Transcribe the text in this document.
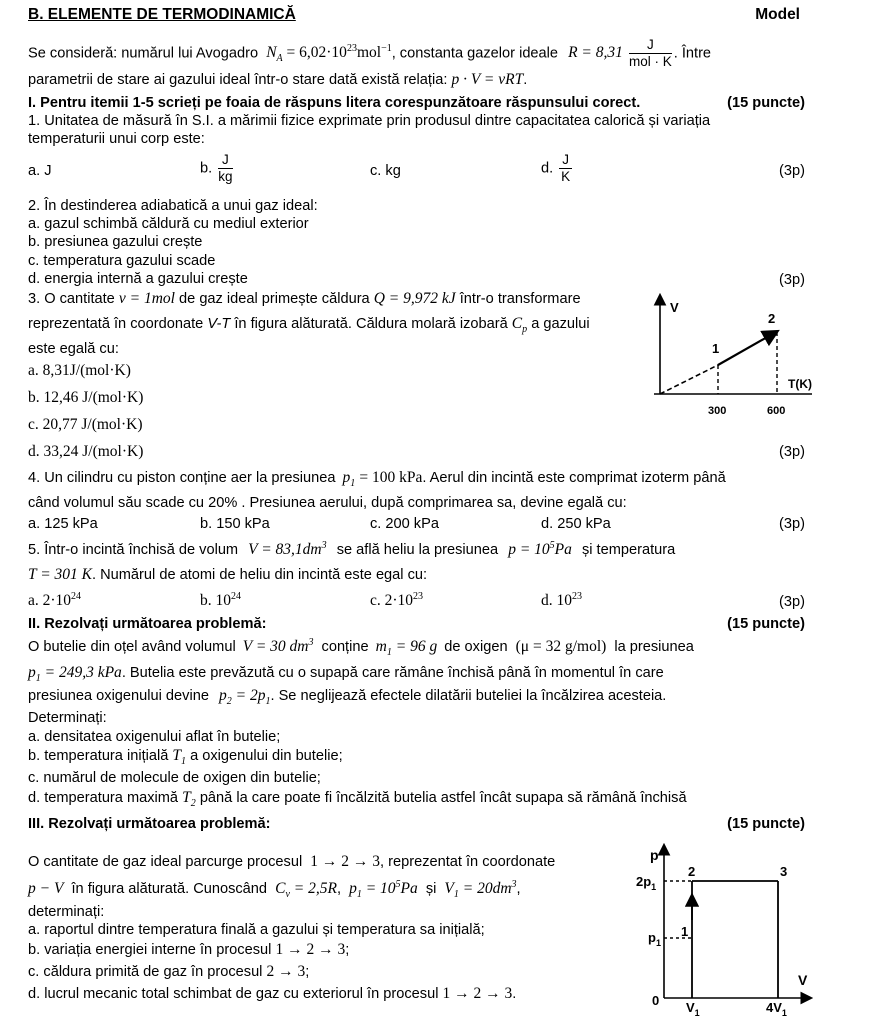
B. ELEMENTE DE TERMODINAMICĂ	Model
Se consideră: numărul lui Avogadro $N_A = 6,02\cdot 10^{23}mol^{-1}$, constanta gazelor ideale $R = 8,31 \frac{J}{\text{mol · K}}$ . Între
parametrii de stare ai gazului ideal într-o stare dată există relația: p · V = νRT.
I. Pentru itemii 1-5 scrieți pe foaia de răspuns litera corespunzătoare răspunsului corect.	(15 puncte)
1. Unitatea de măsură în S.I. a mărimii fizice exprimate prin produsul dintre capacitatea calorică și variația
temperaturii unui corp este:
a. J	b. $\frac{J}{kg}$	c. kg	d. $\frac{J}{K}$	(3p)
2. În destinderea adiabatică a unui gaz ideal:
a. gazul schimbă căldură cu mediul exterior
b. presiunea gazului crește
c. temperatura gazului scade
d. energia internă a gazului crește	(3p)
3. O cantitate ν = 1mol de gaz ideal primește căldura Q = 9,972 kJ într-o transformare
reprezentată în coordonate V-T în figura alăturată. Căldura molară izobară $C_p$ a gazului
este egală cu:
a. 8,31J/(mol·K)
b. 12,46 J/(mol·K)
c. 20,77 J/(mol·K)
d. 33,24 J/(mol·K)	(3p)
V
T(K)
1
2
300	600
4. Un cilindru cu piston conține aer la presiunea $p_1 = 100$ kPa. Aerul din incintă este comprimat izoterm până
când volumul său scade cu 20% . Presiunea aerului, după comprimarea sa, devine egală cu:
a. 125 kPa	b. 150 kPa	c. 200 kPa	d. 250 kPa	(3p)
5. Într-o incintă închisă de volum $V = 83,1dm^3$ se află heliu la presiunea $p = 10^5Pa$ și temperatura
T = 301 K. Numărul de atomi de heliu din incintă este egal cu:
a. $2\cdot 10^{24}$	b. $10^{24}$	c. $2\cdot 10^{23}$	d. $10^{23}$	(3p)
II. Rezolvați următoarea problemă:	(15 puncte)
O butelie din oțel având volumul V = 30 $dm^3$ conține $m_1 = 96$ g de oxigen (μ = 32 g/mol) la presiunea
$p_1 = 249,3$ kPa. Butelia este prevăzută cu o supapă care rămâne închisă până în momentul în care
presiunea oxigenului devine $p_2 = 2p_1$. Se neglijează efectele dilatării buteliei la încălzirea acesteia.
Determinați:
a. densitatea oxigenului aflat în butelie;
b. temperatura inițială $T_1$ a oxigenului din butelie;
c. numărul de molecule de oxigen din butelie;
d. temperatura maximă $T_2$ până la care poate fi încălzită butelia astfel încât supapa să rămână închisă
III. Rezolvați următoarea problemă:	(15 puncte)
O cantitate de gaz ideal parcurge procesul 1 → 2 → 3, reprezentat în coordonate
p − V în figura alăturată. Cunoscând $C_v = 2,5R$, $p_1 = 10^5Pa$ și $V_1 = 20dm^3$,
determinați:
a. raportul dintre temperatura finală a gazului și temperatura sa inițială;
b. variația energiei interne în procesul 1 → 2 → 3;
c. căldura primită de gaz în procesul 2 → 3;
d. lucrul mecanic total schimbat de gaz cu exteriorul în procesul 1 → 2 → 3.
p
V
0
2	3
1
$2p_1$
$p_1$
$V_1$	$4V_1$
